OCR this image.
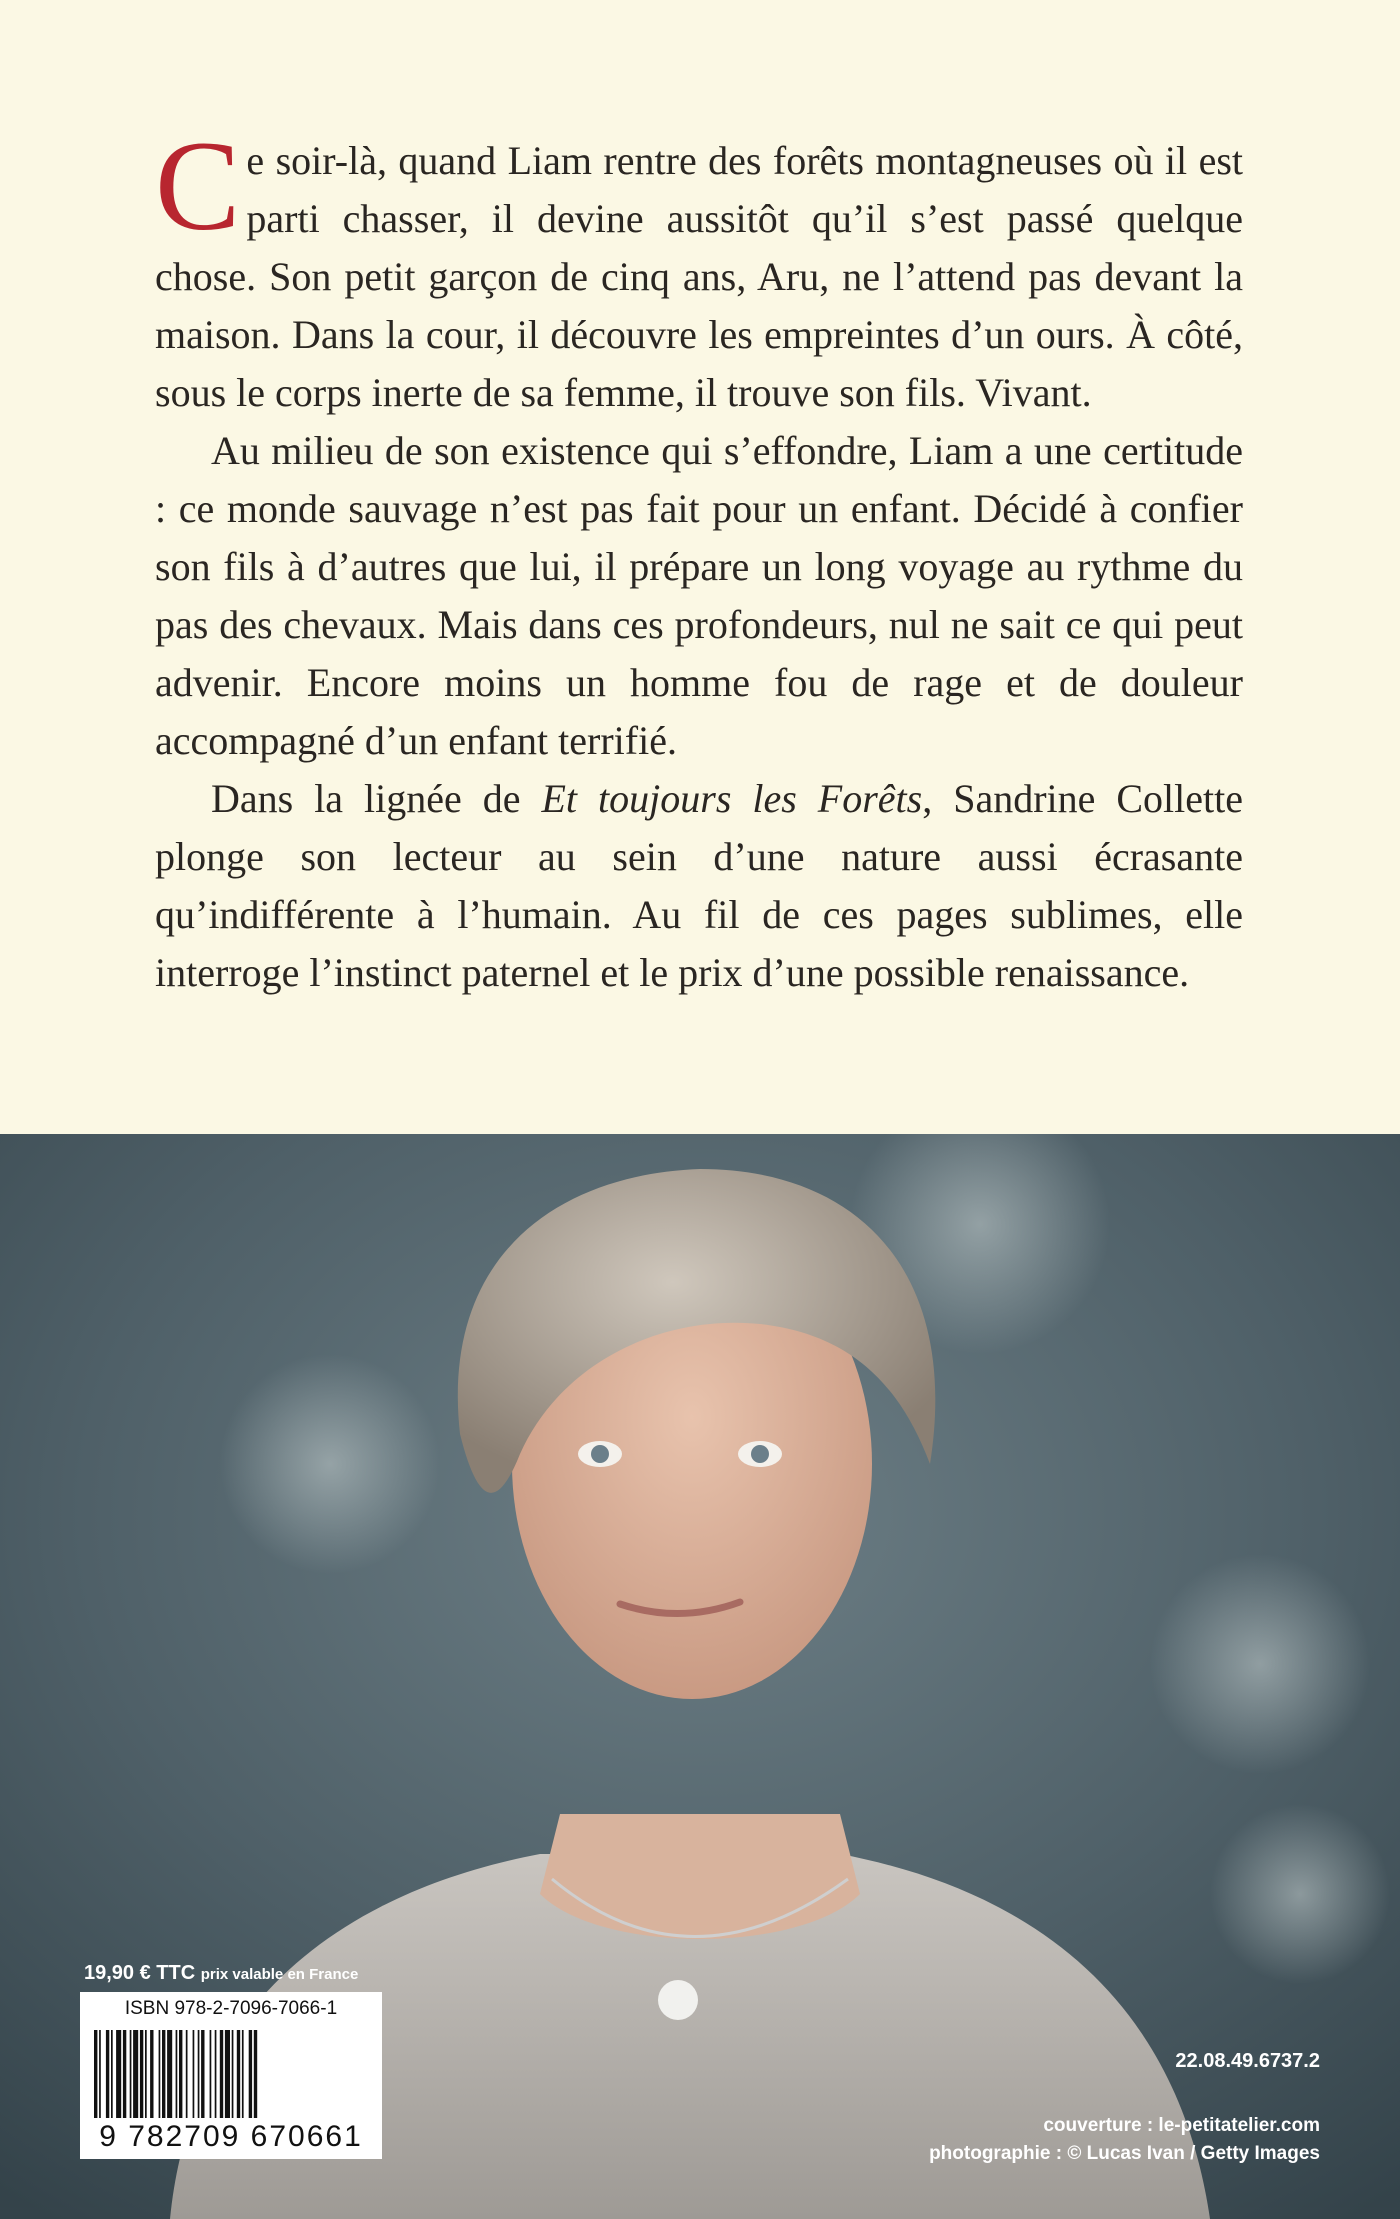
Ce soir-là, quand Liam rentre des forêts montagneuses où il est parti chasser, il devine aussitôt qu’il s’est passé quelque chose. Son petit garçon de cinq ans, Aru, ne l’attend pas devant la maison. Dans la cour, il découvre les empreintes d’un ours. À côté, sous le corps inerte de sa femme, il trouve son fils. Vivant.

Au milieu de son existence qui s’effondre, Liam a une certitude : ce monde sauvage n’est pas fait pour un enfant. Décidé à confier son fils à d’autres que lui, il prépare un long voyage au rythme du pas des chevaux. Mais dans ces profondeurs, nul ne sait ce qui peut advenir. Encore moins un homme fou de rage et de douleur accompagné d’un enfant terrifié.

Dans la lignée de Et toujours les Forêts, Sandrine Collette plonge son lecteur au sein d’une nature aussi écrasante qu’indifférente à l’humain. Au fil de ces pages sublimes, elle interroge l’instinct paternel et le prix d’une possible renaissance.

19,90 € TTC prix valable en France
ISBN 978-2-7096-7066-1
9 782709 670661
22.08.49.6737.2
couverture : le-petitatelier.com
photographie : © Lucas Ivan / Getty Images
